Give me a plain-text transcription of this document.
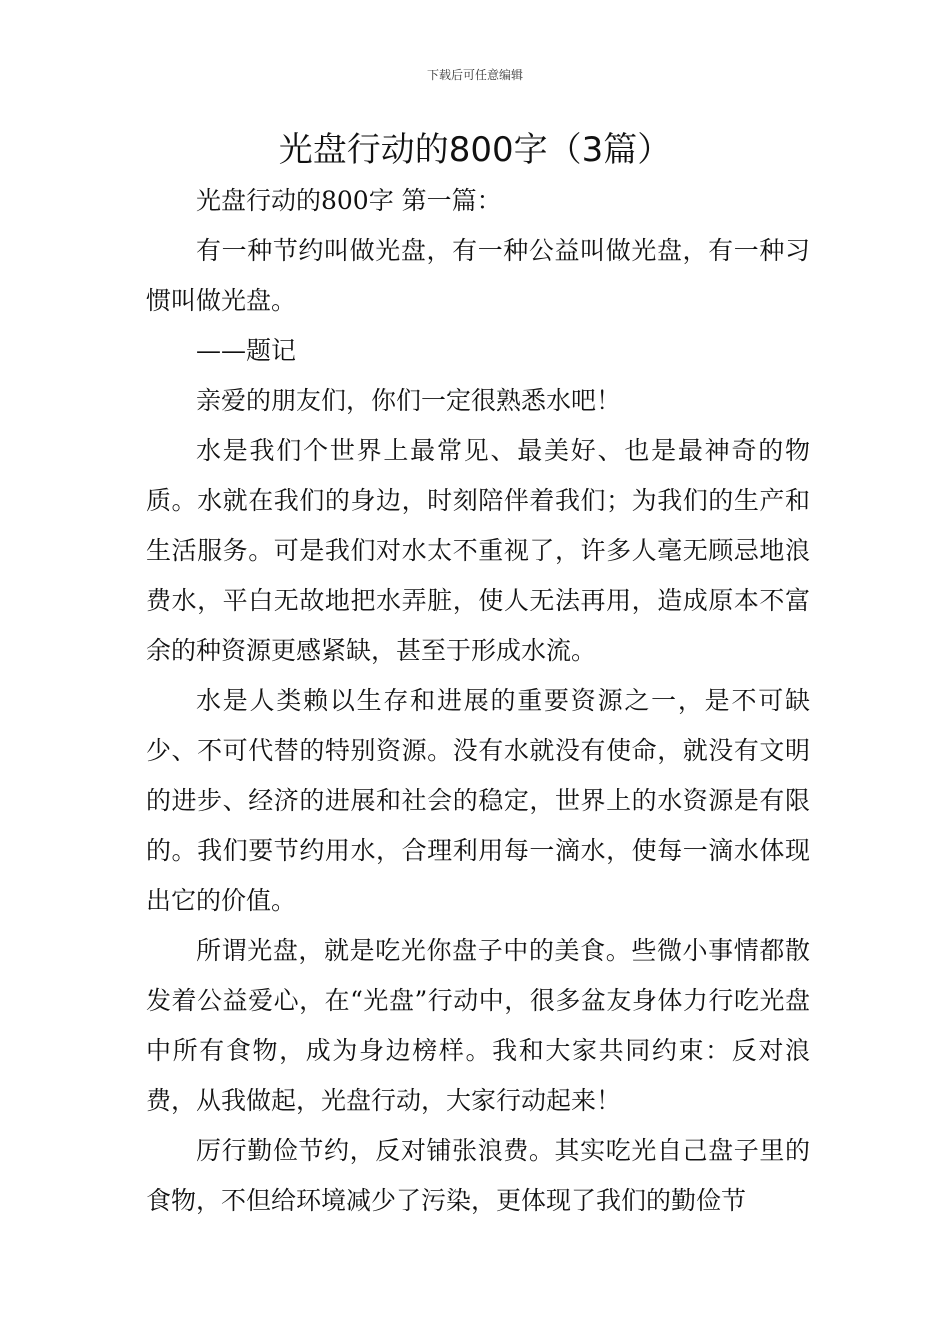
下载后可任意编辑
光盘行动的800字（3篇）

光盘行动的800字 第一篇：

有一种节约叫做光盘，有一种公益叫做光盘，有一种习惯叫做光盘。

——题记

亲爱的朋友们，你们一定很熟悉水吧！

水是我们个世界上最常见、最美好、也是最神奇的物质。水就在我们的身边，时刻陪伴着我们；为我们的生产和生活服务。可是我们对水太不重视了，许多人毫无顾忌地浪费水，平白无故地把水弄脏，使人无法再用，造成原本不富余的种资源更感紧缺，甚至于形成水流。

水是人类赖以生存和进展的重要资源之一，是不可缺少、不可代替的特别资源。没有水就没有使命，就没有文明的进步、经济的进展和社会的稳定，世界上的水资源是有限的。我们要节约用水，合理利用每一滴水，使每一滴水体现出它的价值。

所谓光盘，就是吃光你盘子中的美食。些微小事情都散发着公益爱心，在“光盘”行动中，很多盆友身体力行吃光盘中所有食物，成为身边榜样。我和大家共同约束：反对浪费，从我做起，光盘行动，大家行动起来！

厉行勤俭节约，反对铺张浪费。其实吃光自己盘子里的食物，不但给环境减少了污染，更体现了我们的勤俭节
